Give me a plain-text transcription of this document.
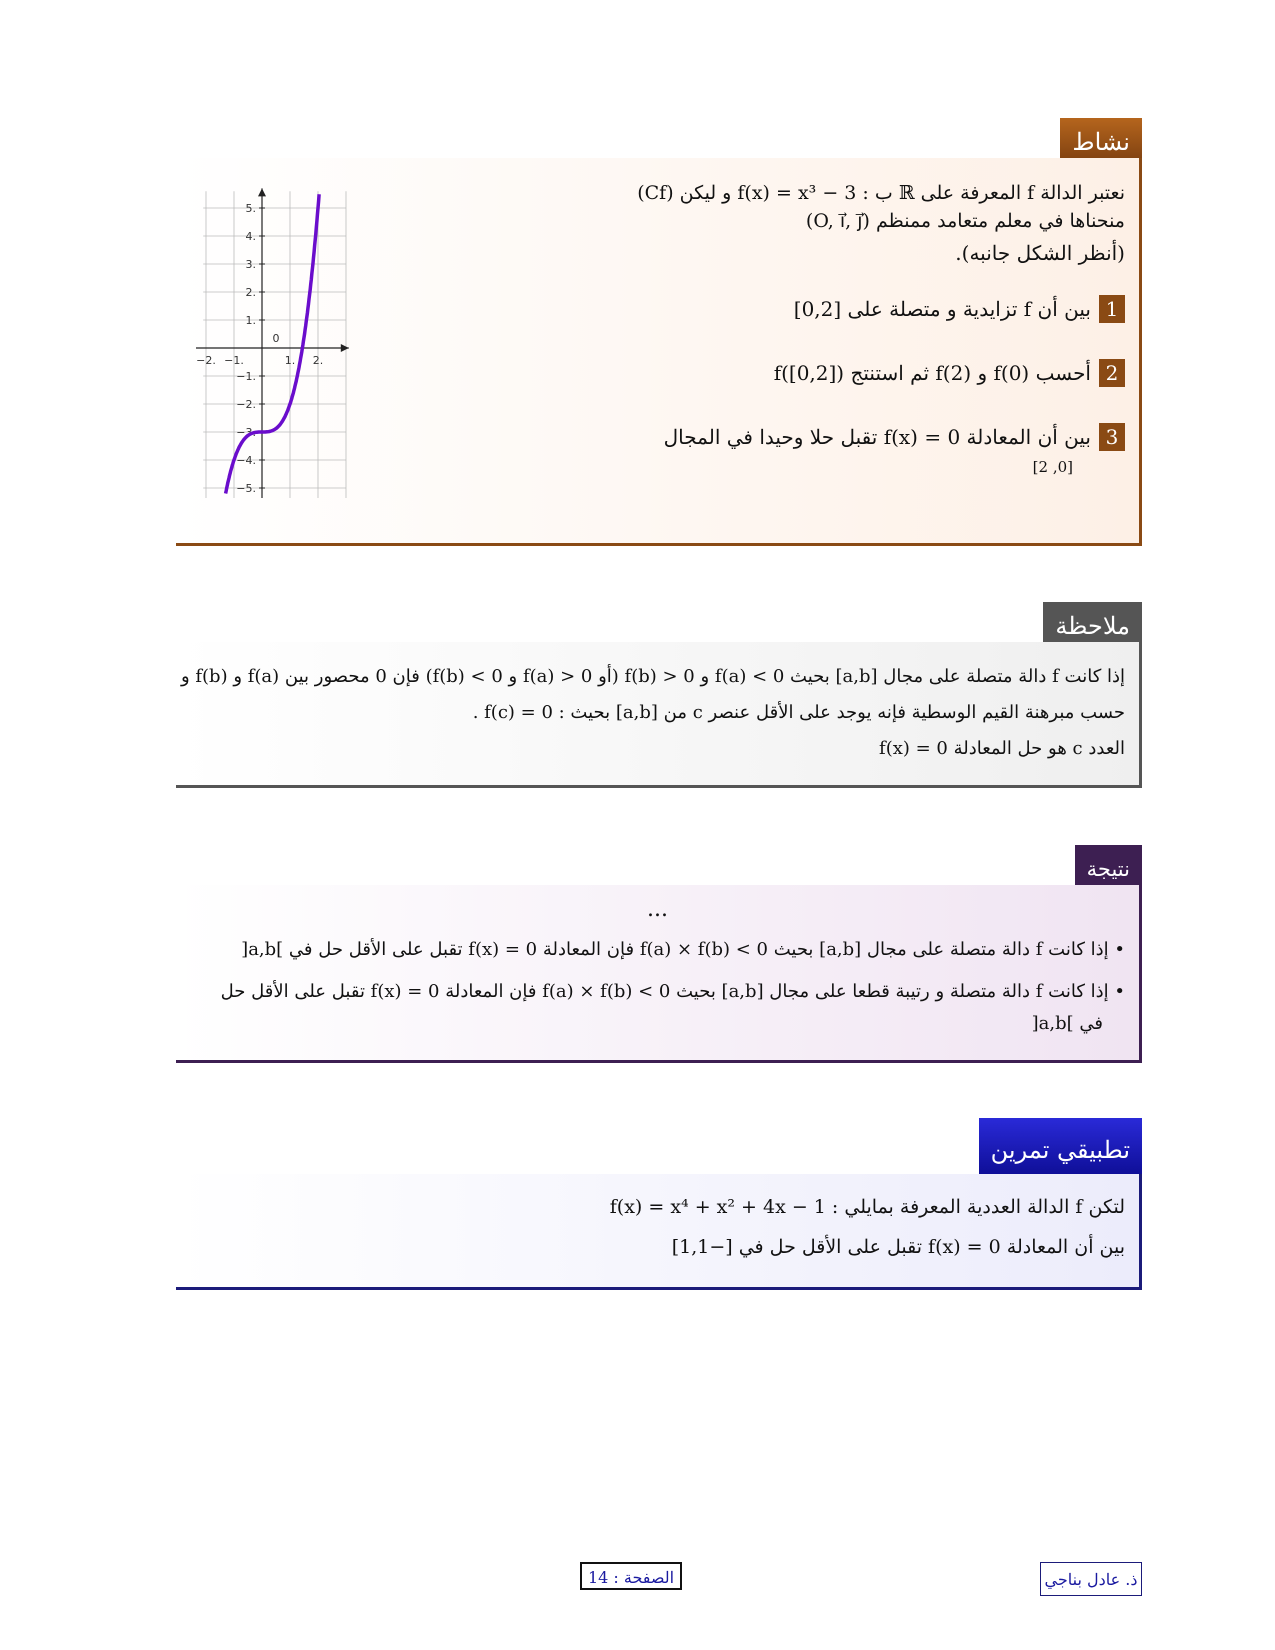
نشاط
نعتبر الدالة f المعرفة على ℝ ب : f(x) = x³ − 3 و ليكن (Cf)
منحناها في معلم متعامد ممنظم (O, i⃗, j⃗)
(أنظر الشكل جانبه).
1بين أن f تزايدية و متصلة على [0,2]
2أحسب f(0) و f(2) ثم استنتج f([0,2])
3بين أن المعادلة f(x) = 0 تقبل حلا وحيدا في المجال
[0, 2]
5.
4.
3.
2.
1.
−1.
−2.
−3.
−4.
−5.
−2. −1.	1. 2.
0
ملاحظة
إذا كانت f دالة متصلة على مجال [a,b] بحيث f(a) < 0 و f(b) > 0 (أو f(a) > 0 و f(b) < 0) فإن 0 محصور بين f(a) و f(b) و
حسب مبرهنة القيم الوسطية فإنه يوجد على الأقل عنصر c من [a,b] بحيث : f(c) = 0 .
العدد c هو حل المعادلة f(x) = 0
نتيجة
...
• إذا كانت f دالة متصلة على مجال [a,b] بحيث f(a) × f(b) < 0 فإن المعادلة f(x) = 0 تقبل على الأقل حل في ]a,b[
• إذا كانت f دالة متصلة و رتيبة قطعا على مجال [a,b] بحيث f(a) × f(b) < 0 فإن المعادلة f(x) = 0 تقبل على الأقل حل
في ]a,b[
تطبيقي تمرين
لتكن f الدالة العددية المعرفة بمايلي : f(x) = x⁴ + x² + 4x − 1
بين أن المعادلة f(x) = 0 تقبل على الأقل حل في [−1,1]
الصفحة : 14	ذ. عادل بناجي
